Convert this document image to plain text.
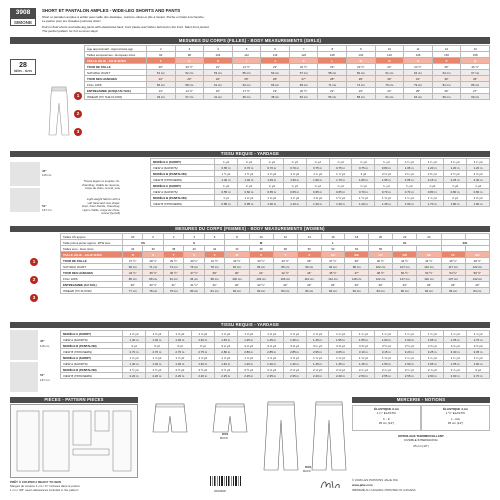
3908
SIMONE
SHORT ET PANTALON AMPLES - WIDE-LEG SHORTS AND PANTS
Short et pantalon amples à enfiler avec taille dos élastique, ceinture-ruban et plis à l'avant. Poche en biais à la hanche.
Le patron pour les chaudes journées d'été!
Pull-on fluid shorts and wide-leg pants with elasticized back, front pleats and ribbon belt tied in the front. Slant front pocket.
The perfect pattern for hot summer days!
28
tailles - sizes
MESURES DU CORPS (FILLES) - BODY MEASUREMENTS (GIRLS)
Âge approximatif - Approximate age	2	3	4	5	6	7	8	9	10	11	12	13
Tailles européennes - European sizes	92	98	104	112	116	122	128	134	140	146	152	158
TAILLE JALIE - JALIE SIZES	F	G	H	I	J	K	L	M	N	O	P	Q
TOUR DE TAILLE	20"	20 ½"	21"	21 ½"	22"	22 ½"	23"	23 ½"	24"	24 ½"	25"	26 ½"
NATURAL WAIST	51 cm	52 cm	53 cm	55 cm	56 cm	57 cm	58 cm	60 cm	61 cm	62 cm	64 cm	67 cm
TOUR DES HANCHES	22"	23"	24"	25"	26"	27"	28"	29"	30"	31"	32"	34"
FULL HIPS	56 cm	58 cm	61 cm	64 cm	66 cm	69 cm	71 cm	74 cm	76 cm	79 cm	81 cm	86 cm
ENTREJAMBE (JUSQU'AU SOL)	13"	14 ½"	16"	17 ½"	19"	20 ½"	22"	23"	24"	25"	26"	27"
INSEAM (TO THE FLOOR)	33 cm	37 cm	41 cm	45 cm	48 cm	52 cm	56 cm	58 cm	61 cm	64 cm	66 cm	69 cm
TISSU REQUIS - YARDAGE
Tissus légers et souples: lin,
chambray, challis de rayonne,
crêpe de chine, tencel, soie
Light-weight fabrics with a
soft hand and nice drape:
linen, linen blends, chambray,
rayon challis, crepe de chine,
tencel (lyocell)
45"
115 cm
54"
137 cm
MODÈLE A (SHORT)	¾ yd	¾ yd	¾ yd	¾ yd	¾ yd	¾ yd	¾ yd	¾ yd	1 ¼ yd	1 ¼ yd	1 ¼ yd	1 ¼ yd
VIEW A (SHORTS)	0.65 m	0.70 m	0.70 m	0.70 m	0.75 m	0.75 m	0.75 m	0.80 m	1.05 m	1.20 m	1.20 m	1.20 m
MODÈLE B (PANTALON)	1 ½ yd	1 ½ yd	1 ⅝ yd	1 ⅝ yd	1 ¾ yd	1 ⅞ yd	2 yd	2 ⅛ yd	2 ¼ yd	2 ⅜ yd	2 ½ yd	2 ⅝ yd
VIEW B (TROUSERS)	1.30 m	1.40 m	1.45 m	1.50 m	1.60 m	1.70 m	1.80 m	1.95 m	2.05 m	2.15 m	2.25 m	2.40 m
MODÈLE A (SHORT)	¾ yd	¾ yd	¾ yd	¾ yd	¾ yd	¾ yd	¾ yd	¾ yd	¾ yd	⅞ yd	⅞ yd	⅞ yd
VIEW A (SHORTS)	0.55 m	0.60 m	0.65 m	0.65 m	0.65 m	0.65 m	0.70 m	0.70 m	0.70 m	0.80 m	0.80 m	0.80 m
MODÈLE B (PANTALON)	1 yd	1 ⅛ yd	1 ⅛ yd	1 ¼ yd	1 ⅜ yd	1 ½ yd	1 ½ yd	1 ⅝ yd	1 ¾ yd	1 ⅞ yd	2 yd	2 ⅛ yd
VIEW B (TROUSERS)	0.85 m	0.95 m	1.00 m	1.10 m	1.20 m	1.30 m	1.40 m	1.45 m	1.60 m	1.70 m	1.80 m	1.90 m
MESURES DU CORPS (FEMMES) - BODY MEASUREMENTS (WOMEN)
Tailles US approx.	00	0	2	4	6	8	10	12	14	16	18	20	22	24		
Taille prêt-à-porter approx. RTW size	XS		S			M			L			XL			2XL	
Tailles euro - Euro sizes	34	36	38	40	42	44	46	48	50	52	54	56				
TAILLE JALIE - JALIE SIZES	R	S	T	U	V	W	X	Y	Z	AA	BB	CC	DD	EE	FF	GG
TOUR DE TAILLE	27 ½"	28 ½"	29 ½"	30 ½"	31 ½"	32 ½"	33 ½"	34 ½"	36"	37 ½"	39"	40 ½"	42 ½"	44 ½"	46 ½"	48 ½"
NATURAL WAIST	69 cm	71 cm	74 cm	76 cm	78 cm	81 cm	84 cm	86 cm	90 cm	94 cm	98 cm	102 cm	107 cm	112 cm	117 cm	122 cm
TOUR DES HANCHES	34 ½"	35 ½"	36 ½"	37 ½"	39"	40"	41"	42 ½"	44"	45 ½"	47"	48 ½"	50 ½"	52 ½"	54 ½"	56 ½"
FULL HIPS	86 cm	89 cm	91 cm	94 cm	98 cm	100 cm	103 cm	106 cm	110 cm	114 cm	118 cm	122 cm	127 cm	132 cm	137 cm	142 cm
ENTREJAMBE (AU SOL)	30"	30 ½"	31"	31 ½"	32"	32"	32 ½"	33"	33"	33"	33"	33"	33"	33"	33"	33"
INSEAM (TO FLOOR)	77 cm	78 cm	79 cm	80 cm	81 cm	82 cm	82 cm	83 cm	84 cm	84 cm	84 cm	84 cm	84 cm	84 cm	84 cm	84 cm
TISSU REQUIS - YARDAGE
45"
115 cm
54"
137 cm
MODÈLE A (SHORT)	1 ⅝ yd	1 ⅝ yd	1 ⅝ yd	1 ⅝ yd	1 ⅝ yd	1 ⅝ yd	1 ⅝ yd	1 ⅝ yd	1 ⅝ yd	1 ¾ yd	1 ¾ yd	1 ¾ yd	1 ¾ yd	1 ¾ yd	1 ⅞ yd	1 ⅞ yd
VIEW A (SHORTS)	1.40 m	1.40 m	1.40 m	1.40 m	1.45 m	1.45 m	1.45 m	1.45 m	1.45 m	1.55 m	1.55 m	1.60 m	1.60 m	1.65 m	1.65 m	1.70 m
MODÈLE B (PANTALON)	3 yd	3 yd	3 yd	3 yd	3 ⅛ yd	3 ⅛ yd	3 ⅛ yd	3 ⅛ yd	3 ¼ yd	3 ⅜ yd	3 ⅜ yd	3 ½ yd	3 ½ yd	3 ⅝ yd	3 ⅝ yd	3 ⅝ yd
VIEW B (TROUSERS)	2.70 m	2.70 m	2.70 m	2.75 m	2.80 m	2.80 m	2.85 m	2.85 m	2.95 m	3.05 m	3.10 m	3.15 m	3.20 m	3.25 m	3.30 m	3.35 m
MODÈLE A (SHORT)	1 ⅝ yd	1 ⅝ yd	1 ⅝ yd	1 ⅝ yd	1 ⅝ yd	1 ⅝ yd	1 ⅝ yd	1 ⅝ yd	1 ⅝ yd	1 ⅝ yd	1 ⅝ yd	1 ⅝ yd	1 ¾ yd	1 ¾ yd	1 ¾ yd	1 ¾ yd
VIEW A (SHORTS)	1.40 m	1.40 m	1.40 m	1.40 m	1.40 m	1.40 m	1.40 m	1.40 m	1.45 m	1.45 m	1.45 m	1.50 m	1.50 m	1.55 m	1.55 m	1.60 m
MODÈLE B (PANTALON)	2 ½ yd	2 ½ yd	2 ½ yd	2 ½ yd	2 ½ yd	2 ½ yd	2 ⅝ yd	2 ⅝ yd	2 ⅝ yd	2 ⅝ yd	2 ¾ yd	2 ¾ yd	2 ¾ yd	2 ⅞ yd	2 ⅞ yd	3 yd
VIEW B (TROUSERS)	2.20 m	2.20 m	2.20 m	2.20 m	2.25 m	2.25 m	2.35 m	2.35 m	2.40 m	2.40 m	2.50 m	2.55 m	2.55 m	2.60 m	2.60 m	2.70 m
PIÈCES - PATTERN PIECES
DOS
BACK
DOS
BACK
MERCERIE - NOTIONS
ÉLASTIQUE 3 cm
1 ¼" ELASTIC
F - K
35 cm (14")
ÉLASTIQUE 4 cm
1 ½" ELASTIC
L - GG
35 cm (14")
ENTOILAGE THERMOCOLLANT
FUSIBLE INTERFACING
25 cm (10")
PRÊT À COUPER // READY TO SEW
Marges de couture 1 cm / ⅜" incluses dans le patron
1 cm / 3/8" seam allowances included in the pattern	2003908
© 2018 LES PATRONS JALIE INC.
www.jalie.com
IMPRIMÉ AU CANADA | PRINTED IN CANADA
1
2
3
1
2
3
